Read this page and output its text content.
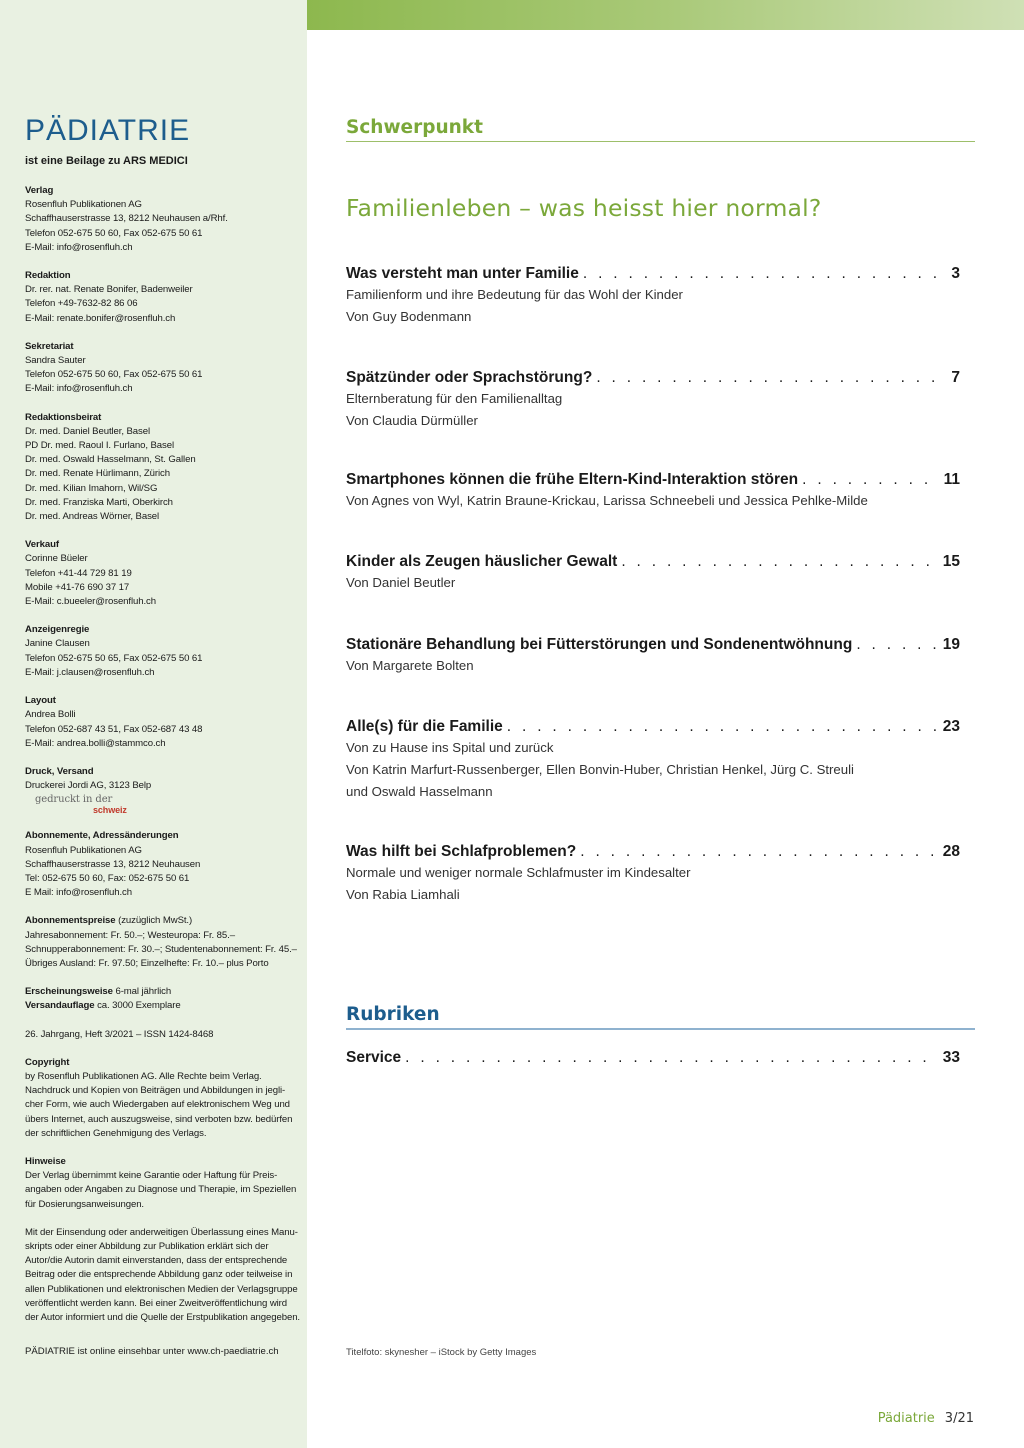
PÄDIATRIE
ist eine Beilage zu ARS MEDICI
Verlag
Rosenfluh Publikationen AG
Schaffhauserstrasse 13, 8212 Neuhausen a/Rhf.
Telefon 052-675 50 60, Fax 052-675 50 61
E-Mail: info@rosenfluh.ch
Redaktion
Dr. rer. nat. Renate Bonifer, Badenweiler
Telefon +49-7632-82 86 06
E-Mail: renate.bonifer@rosenfluh.ch
Sekretariat
Sandra Sauter
Telefon 052-675 50 60, Fax 052-675 50 61
E-Mail: info@rosenfluh.ch
Redaktionsbeirat
Dr. med. Daniel Beutler, Basel
PD Dr. med. Raoul I. Furlano, Basel
Dr. med. Oswald Hasselmann, St. Gallen
Dr. med. Renate Hürlimann, Zürich
Dr. med. Kilian Imahorn, Wil/SG
Dr. med. Franziska Marti, Oberkirch
Dr. med. Andreas Wörner, Basel
Verkauf
Corinne Büeler
Telefon +41-44 729 81 19
Mobile +41-76 690 37 17
E-Mail: c.bueeler@rosenfluh.ch
Anzeigenregie
Janine Clausen
Telefon 052-675 50 65, Fax 052-675 50 61
E-Mail: j.clausen@rosenfluh.ch
Layout
Andrea Bolli
Telefon 052-687 43 51, Fax 052-687 43 48
E-Mail: andrea.bolli@stammco.ch
Druck, Versand
Druckerei Jordi AG, 3123 Belp
gedruckt in der
schweiz
Abonnemente, Adressänderungen
Rosenfluh Publikationen AG
Schaffhauserstrasse 13, 8212 Neuhausen
Tel: 052-675 50 60, Fax: 052-675 50 61
E Mail: info@rosenfluh.ch
Abonnementspreise (zuzüglich MwSt.)
Jahresabonnement: Fr. 50.–; Westeuropa: Fr. 85.–
Schnupperabonnement: Fr. 30.–; Studentenabonnement: Fr. 45.–
Übriges Ausland: Fr. 97.50; Einzelhefte: Fr. 10.– plus Porto
Erscheinungsweise 6-mal jährlich
Versandauflage ca. 3000 Exemplare
26. Jahrgang, Heft 3/2021 – ISSN 1424-8468
Copyright
by Rosenfluh Publikationen AG. Alle Rechte beim Verlag.
Nachdruck und Kopien von Beiträgen und Abbildungen in jegli-
cher Form, wie auch Wiedergaben auf elektronischem Weg und
übers Internet, auch auszugsweise, sind verboten bzw. bedürfen
der schriftlichen Genehmigung des Verlags.
Hinweise
Der Verlag übernimmt keine Garantie oder Haftung für Preis-
angaben oder Angaben zu Diagnose und Therapie, im Speziellen
für Dosierungsanweisungen.
Mit der Einsendung oder anderweitigen Überlassung eines Manu-
skripts oder einer Abbildung zur Publikation erklärt sich der
Autor/die Autorin damit einverstanden, dass der entsprechende
Beitrag oder die entsprechende Abbildung ganz oder teilweise in
allen Publikationen und elektronischen Medien der Verlagsgruppe
veröffentlicht werden kann. Bei einer Zweitveröffentlichung wird
der Autor informiert und die Quelle der Erstpublikation angegeben.
PÄDIATRIE ist online einsehbar unter www.ch-paediatrie.ch
Schwerpunkt
Familienleben – was heisst hier normal?
Was versteht man unter Familie . . .	3
Familienform und ihre Bedeutung für das Wohl der Kinder
Von Guy Bodenmann
Spätzünder oder Sprachstörung? . . .	7
Elternberatung für den Familienalltag
Von Claudia Dürmüller
Smartphones können die frühe Eltern-Kind-Interaktion stören . . .	11
Von Agnes von Wyl, Katrin Braune-Krickau, Larissa Schneebeli und Jessica Pehlke-Milde
Kinder als Zeugen häuslicher Gewalt . . .	15
Von Daniel Beutler
Stationäre Behandlung bei Fütterstörungen und Sondenentwöhnung . . .	19
Von Margarete Bolten
Alle(s) für die Familie . . .	23
Von zu Hause ins Spital und zurück
Von Katrin Marfurt-Russenberger, Ellen Bonvin-Huber, Christian Henkel, Jürg C. Streuli
und Oswald Hasselmann
Was hilft bei Schlafproblemen? . . .	28
Normale und weniger normale Schlafmuster im Kindesalter
Von Rabia Liamhali
Rubriken
Service . . .	33
Titelfoto: skynesher – iStock by Getty Images
Pädiatrie 3/21
